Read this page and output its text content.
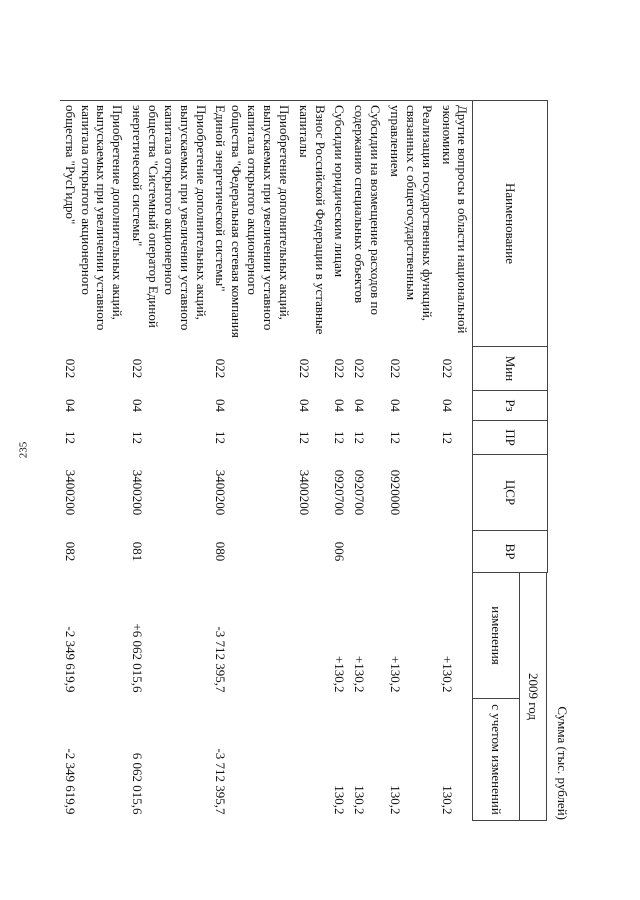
235
Сумма (тыс. рублей)
Наименование	Мин	Рз	ПР	ЦСР	ВР		
						2009 год	
						изменения	с учетом изменений
Другие вопросы в области национальной экономики	022	04	12			+130,2	130,2
Реализация государственных функций, связанных с общегосударственным управлением	022	04	12	0920000		+130,2	130,2
Субсидии на возмещение расходов по содержанию специальных объектов	022	04	12	0920700		+130,2	130,2
Субсидии юридическим лицам	022	04	12	0920700	006	+130,2	130,2
Взнос Российской Федерации в уставные капиталы	022	04	12	3400200			
Приобретение дополнительных акций, выпускаемых при увеличении уставного капитала открытого акционерного общества "Федеральная сетевая компания Единой энергетической системы"	022	04	12	3400200	080	-3 712 395,7	-3 712 395,7
Приобретение дополнительных акций, выпускаемых при увеличении уставного капитала открытого акционерного общества "Системный оператор Единой энергетической системы"	022	04	12	3400200	081	+6 062 015,6	6 062 015,6
Приобретение дополнительных акций, выпускаемых при увеличении уставного капитала открытого акционерного общества "РусГидро"	022	04	12	3400200	082	-2 349 619,9	-2 349 619,9
